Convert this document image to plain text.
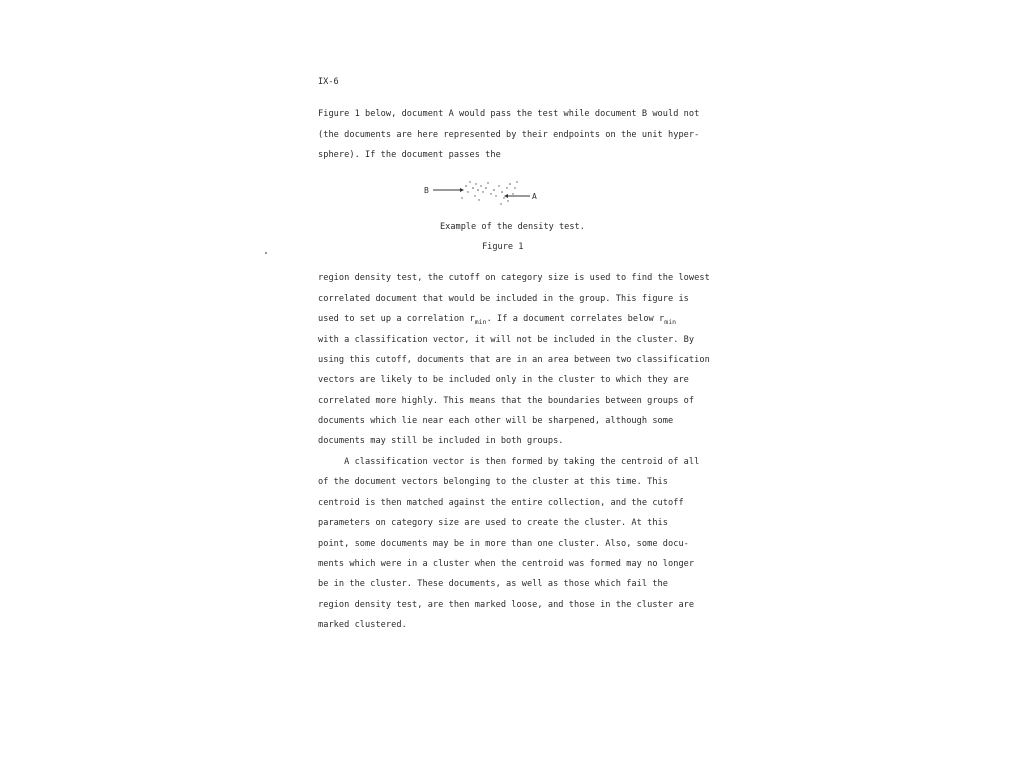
IX-6

Figure 1 below, document A would pass the test while document B would not

(the documents are here represented by their endpoints on the unit hyper-

sphere). If the document passes the

B
A
Example of the density test.
Figure 1

region density test, the cutoff on category size is used to find the lowest

correlated document that would be included in the group. This figure is

used to set up a correlation $r_{min}$. If a document correlates below $r_{min}$

with a classification vector, it will not be included in the cluster. By

using this cutoff, documents that are in an area between two classification

vectors are likely to be included only in the cluster to which they are

correlated more highly. This means that the boundaries between groups of

documents which lie near each other will be sharpened, although some

documents may still be included in both groups.

A classification vector is then formed by taking the centroid of all

of the document vectors belonging to the cluster at this time. This

centroid is then matched against the entire collection, and the cutoff

parameters on category size are used to create the cluster. At this

point, some documents may be in more than one cluster. Also, some docu-

ments which were in a cluster when the centroid was formed may no longer

be in the cluster. These documents, as well as those which fail the

region density test, are then marked loose, and those in the cluster are

marked clustered.
